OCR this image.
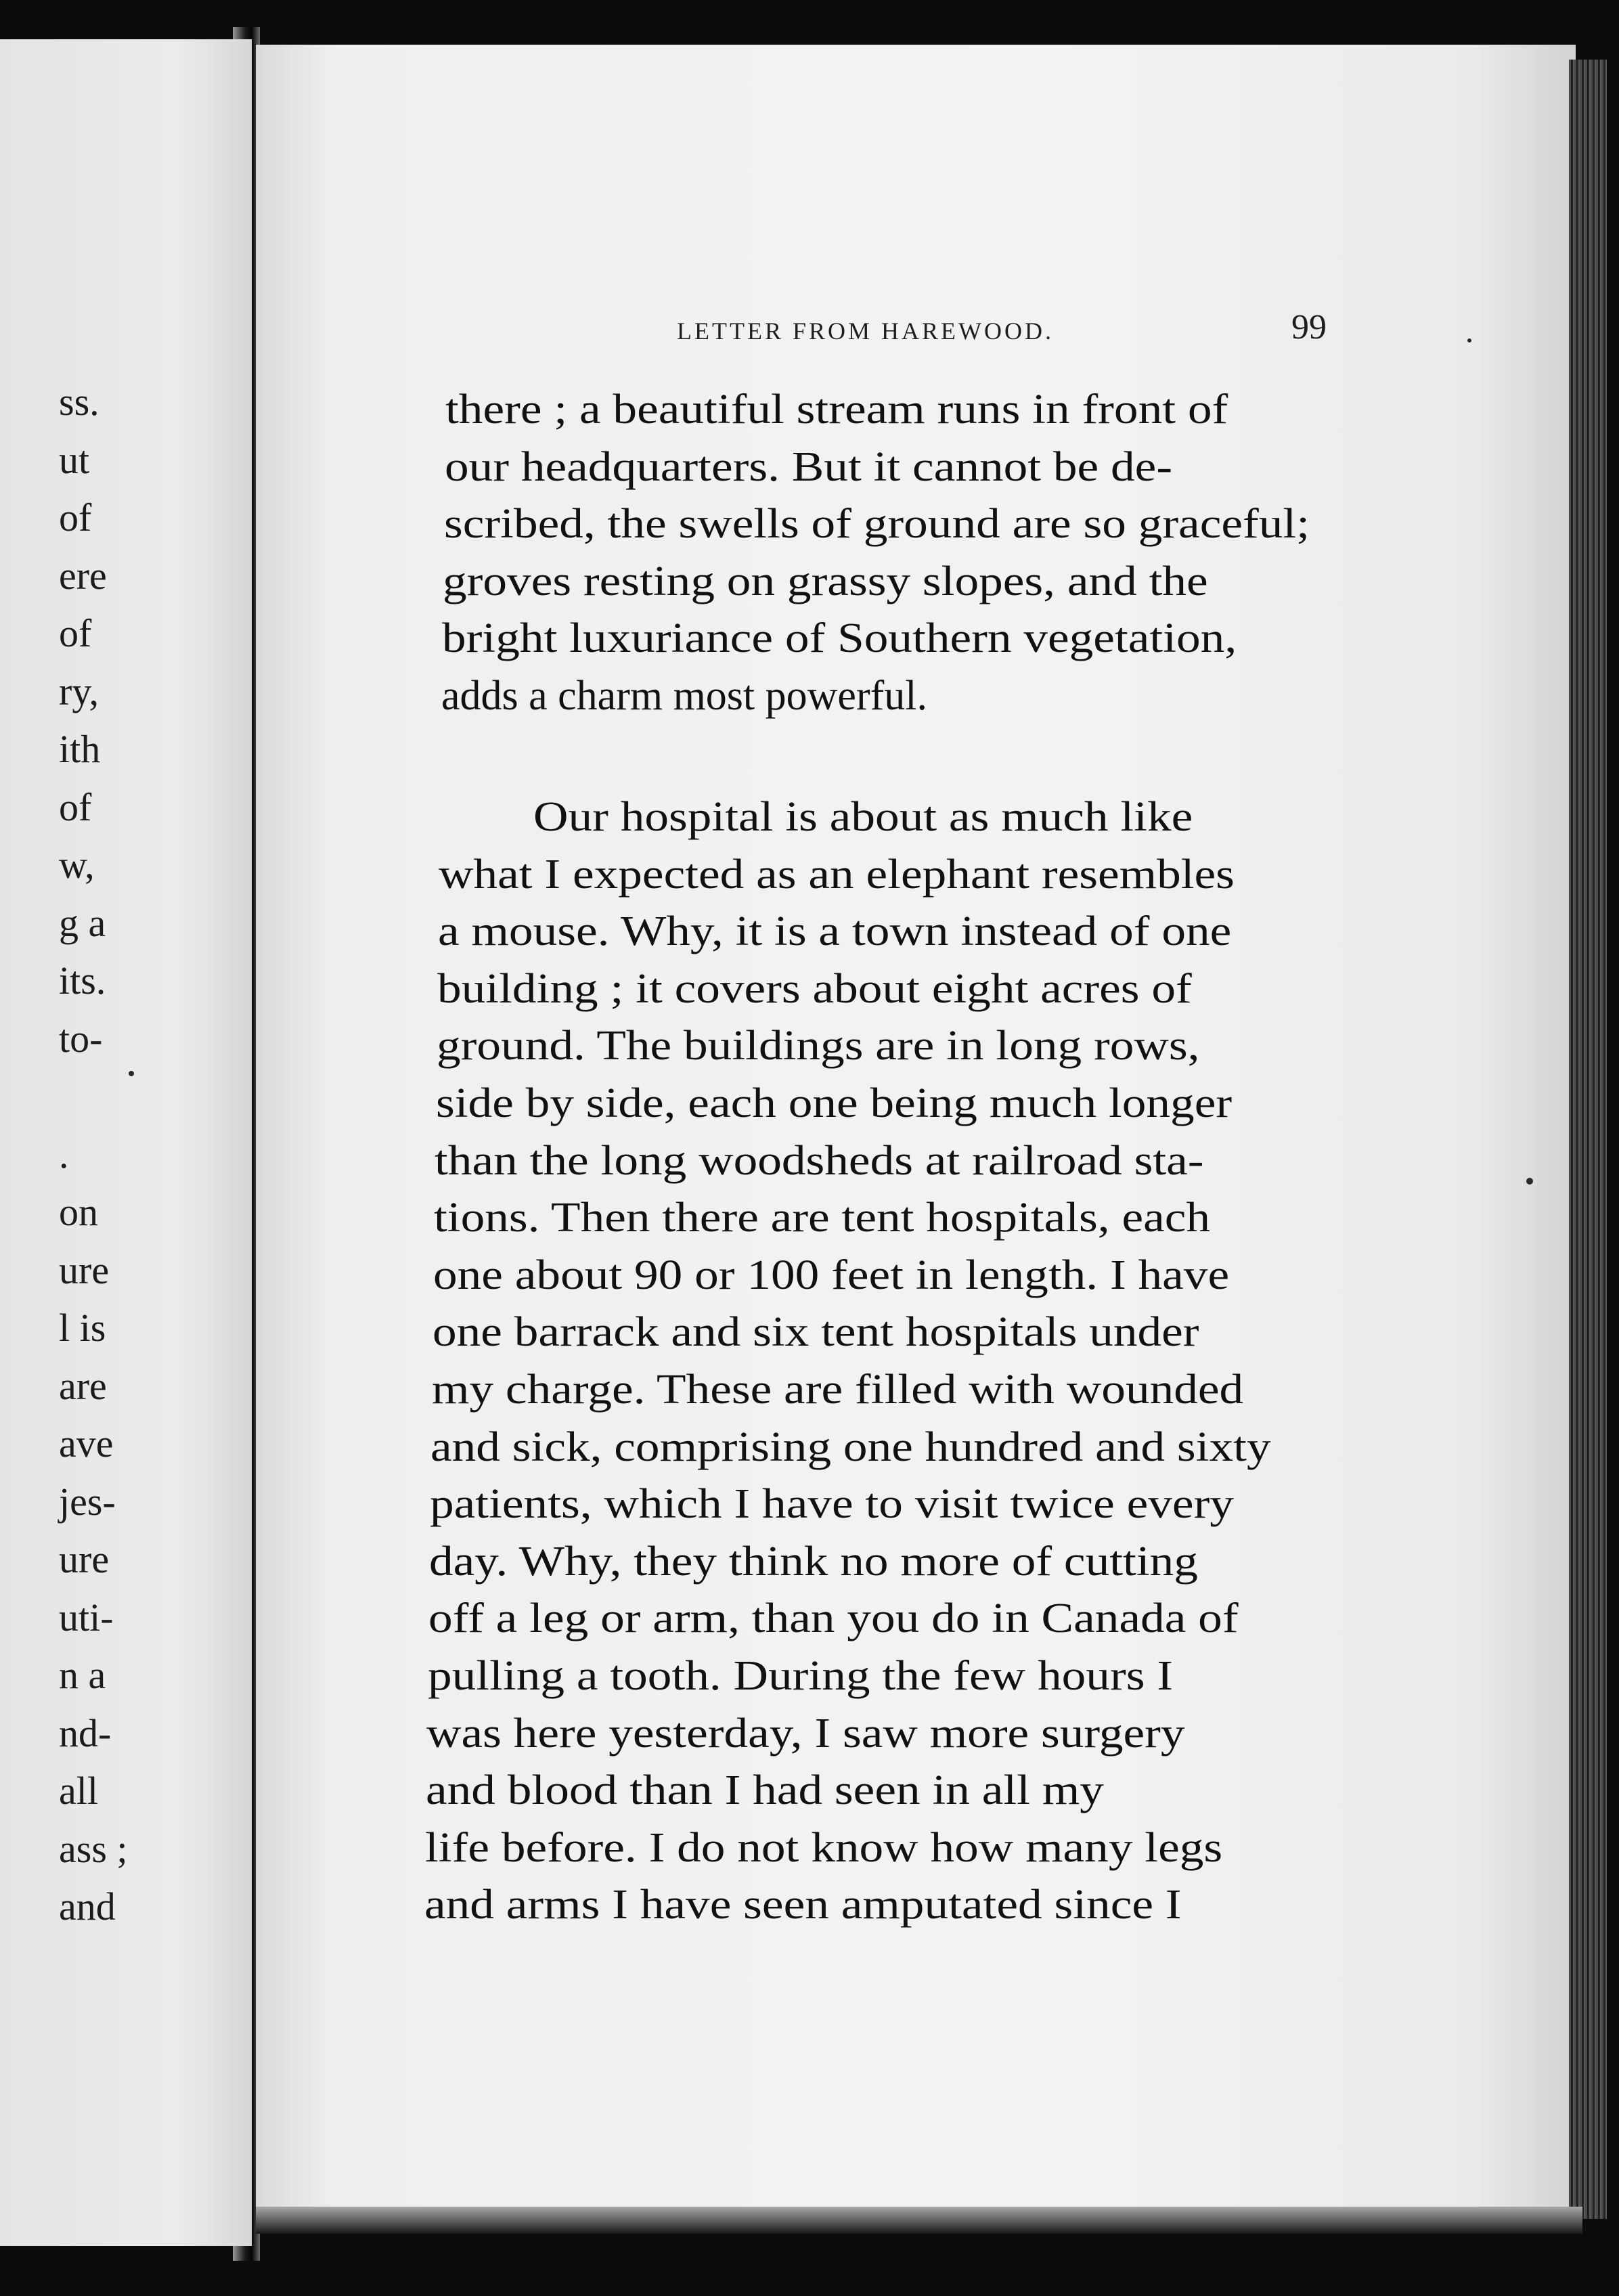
ss.
ut
of
ere
of
ry,
ith
of
w,
g a
its.
to-
.
on
ure
l is
are
ave
jes-
ure
uti-
n a
nd-
all
ass ;
and
LETTER FROM HAREWOOD.	99
there ; a beautiful stream runs in front of
our headquarters. But it cannot be de-
scribed, the swells of ground are so graceful;
groves resting on grassy slopes, and the
bright luxuriance of Southern vegetation,
adds a charm most powerful.
Our hospital is about as much like
what I expected as an elephant resembles
a mouse. Why, it is a town instead of one
building ; it covers about eight acres of
ground. The buildings are in long rows,
side by side, each one being much longer
than the long woodsheds at railroad sta-
tions. Then there are tent hospitals, each
one about 90 or 100 feet in length. I have
one barrack and six tent hospitals under
my charge. These are filled with wounded
and sick, comprising one hundred and sixty
patients, which I have to visit twice every
day. Why, they think no more of cutting
off a leg or arm, than you do in Canada of
pulling a tooth. During the few hours I
was here yesterday, I saw more surgery
and blood than I had seen in all my
life before. I do not know how many legs
and arms I have seen amputated since I
